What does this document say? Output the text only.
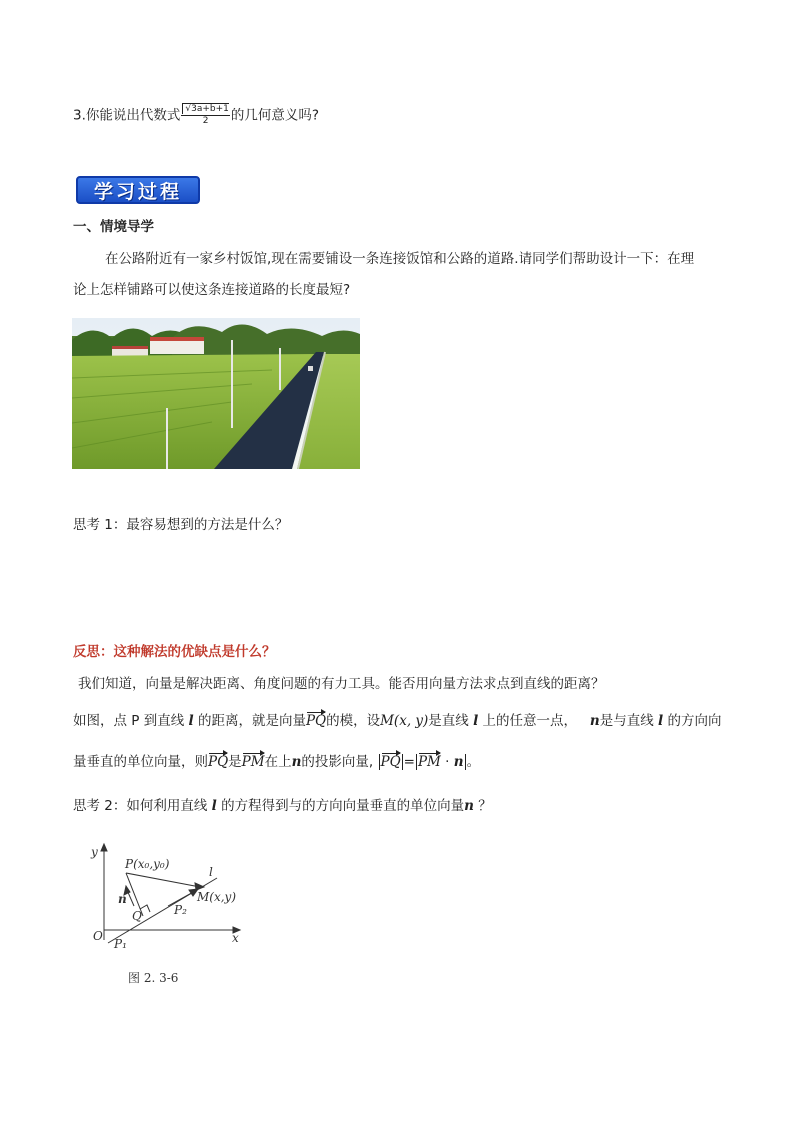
3.你能说出代数式 $\frac{√3a+b+1}{2}$ 的几何意义吗?
学习过程
一、情境导学
在公路附近有一家乡村饭馆,现在需要铺设一条连接饭馆和公路的道路.请同学们帮助设计一下：在理
论上怎样铺路可以使这条连接道路的长度最短?
思考 1：最容易想到的方法是什么？
反思：这种解法的优缺点是什么？
我们知道，向量是解决距离、角度问题的有力工具。能否用向量方法求点到直线的距离？
如图，点 P 到直线 l 的距离，就是向量PQ的模，设M(x, y)是直线 l 上的任意一点， n是与直线 l 的方向向
量垂直的单位向量，则PQ是PM在上n的投影向量, PQ = PM · n 。
思考 2：如何利用直线 l 的方程得到与的方向向量垂直的单位向量n ？
y
x
O
P(x₀,y₀)
l
M(x,y)
n
Q	P₂
P₁
图 2. 3-6
